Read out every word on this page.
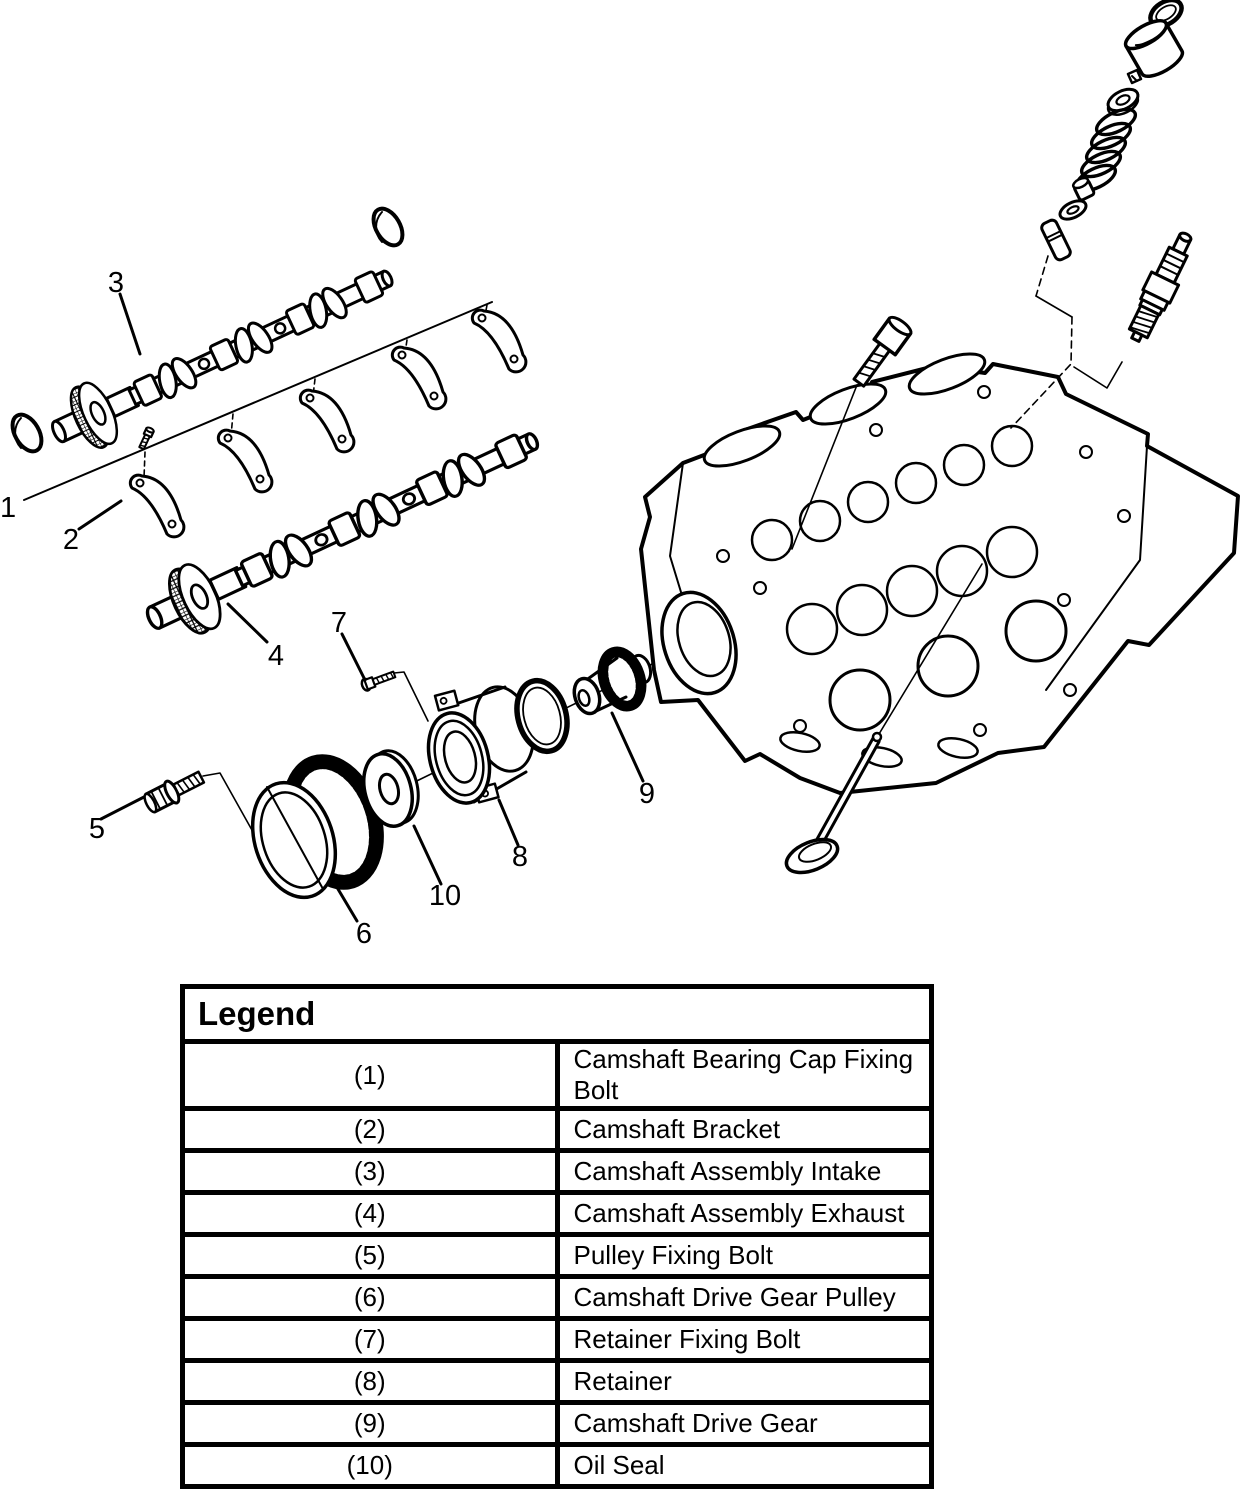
1
2
3
4
5
6
7
8
9
10
Legend	
(1)	Camshaft Bearing Cap Fixing Bolt
(2)	Camshaft Bracket
(3)	Camshaft Assembly Intake
(4)	Camshaft Assembly Exhaust
(5)	Pulley Fixing Bolt
(6)	Camshaft Drive Gear Pulley
(7)	Retainer Fixing Bolt
(8)	Retainer
(9)	Camshaft Drive Gear
(10)	Oil Seal
